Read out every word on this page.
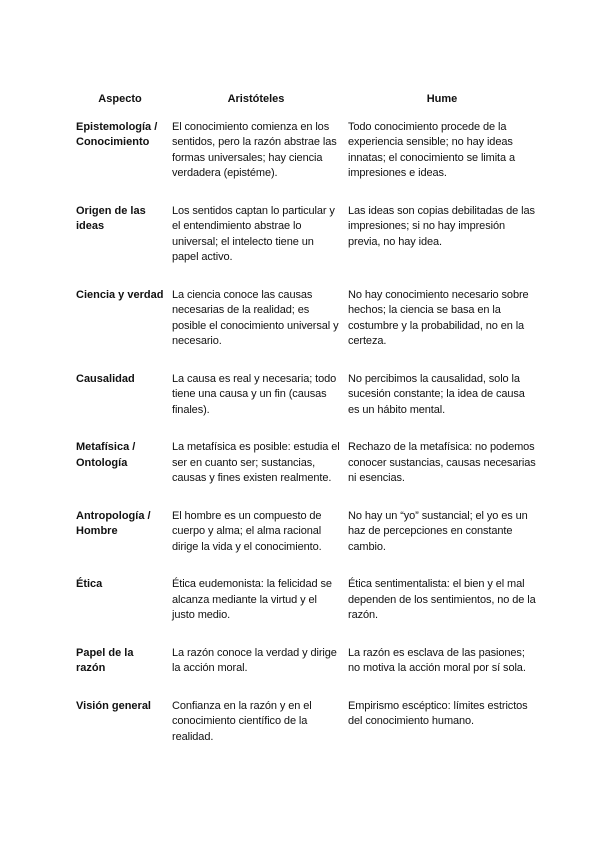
Aspecto	Aristóteles	Hume
Epistemología / Conocimiento	El conocimiento comienza en los sentidos, pero la razón abstrae las formas universales; hay ciencia verdadera (epistéme).	Todo conocimiento procede de la experiencia sensible; no hay ideas innatas; el conocimiento se limita a impresiones e ideas.
Origen de las ideas	Los sentidos captan lo particular y el entendimiento abstrae lo universal; el intelecto tiene un papel activo.	Las ideas son copias debilitadas de las impresiones; si no hay impresión previa, no hay idea.
Ciencia y verdad	La ciencia conoce las causas necesarias de la realidad; es posible el conocimiento universal y necesario.	No hay conocimiento necesario sobre hechos; la ciencia se basa en la costumbre y la probabilidad, no en la certeza.
Causalidad	La causa es real y necesaria; todo tiene una causa y un fin (causas finales).	No percibimos la causalidad, solo la sucesión constante; la idea de causa es un hábito mental.
Metafísica / Ontología	La metafísica es posible: estudia el ser en cuanto ser; sustancias, causas y fines existen realmente.	Rechazo de la metafísica: no podemos conocer sustancias, causas necesarias ni esencias.
Antropología / Hombre	El hombre es un compuesto de cuerpo y alma; el alma racional dirige la vida y el conocimiento.	No hay un “yo” sustancial; el yo es un haz de percepciones en constante cambio.
Ética	Ética eudemonista: la felicidad se alcanza mediante la virtud y el justo medio.	Ética sentimentalista: el bien y el mal dependen de los sentimientos, no de la razón.
Papel de la razón	La razón conoce la verdad y dirige la acción moral.	La razón es esclava de las pasiones; no motiva la acción moral por sí sola.
Visión general	Confianza en la razón y en el conocimiento científico de la realidad.	Empirismo escéptico: límites estrictos del conocimiento humano.
